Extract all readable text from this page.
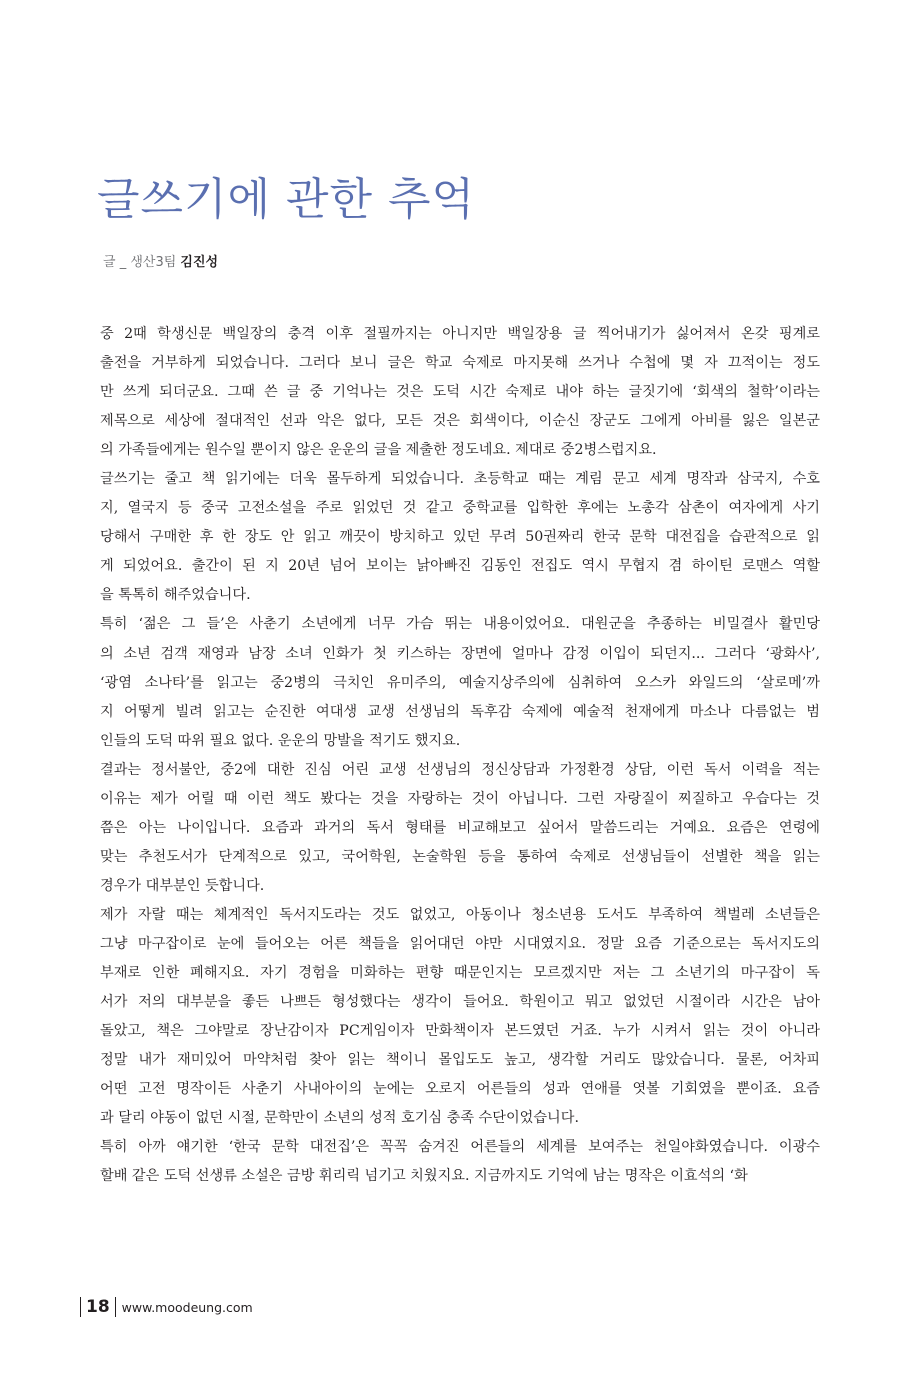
글쓰기에 관한 추억
글 _ 생산3팀 김진성
중 2때 학생신문 백일장의 충격 이후 절필까지는 아니지만 백일장용 글 찍어내기가 싫어져서 온갖 핑계로
출전을 거부하게 되었습니다. 그러다 보니 글은 학교 숙제로 마지못해 쓰거나 수첩에 몇 자 끄적이는 정도
만 쓰게 되더군요. 그때 쓴 글 중 기억나는 것은 도덕 시간 숙제로 내야 하는 글짓기에 ‘회색의 철학’이라는
제목으로 세상에 절대적인 선과 악은 없다, 모든 것은 회색이다, 이순신 장군도 그에게 아비를 잃은 일본군
의 가족들에게는 원수일 뿐이지 않은 운운의 글을 제출한 정도네요. 제대로 중2병스럽지요.
글쓰기는 줄고 책 읽기에는 더욱 몰두하게 되었습니다. 초등학교 때는 계림 문고 세계 명작과 삼국지, 수호
지, 열국지 등 중국 고전소설을 주로 읽었던 것 같고 중학교를 입학한 후에는 노총각 삼촌이 여자에게 사기
당해서 구매한 후 한 장도 안 읽고 깨끗이 방치하고 있던 무려 50권짜리 한국 문학 대전집을 습관적으로 읽
게 되었어요. 출간이 된 지 20년 넘어 보이는 낡아빠진 김동인 전집도 역시 무협지 겸 하이틴 로맨스 역할
을 톡톡히 해주었습니다.
특히 ‘젊은 그 들’은 사춘기 소년에게 너무 가슴 뛰는 내용이었어요. 대원군을 추종하는 비밀결사 활민당
의 소년 검객 재영과 남장 소녀 인화가 첫 키스하는 장면에 얼마나 감정 이입이 되던지... 그러다 ‘광화사’,
‘광염 소나타’를 읽고는 중2병의 극치인 유미주의, 예술지상주의에 심취하여 오스카 와일드의 ‘살로메’까
지 어떻게 빌려 읽고는 순진한 여대생 교생 선생님의 독후감 숙제에 예술적 천재에게 마소나 다름없는 범
인들의 도덕 따위 필요 없다. 운운의 망발을 적기도 했지요.
결과는 정서불안, 중2에 대한 진심 어린 교생 선생님의 정신상담과 가정환경 상담, 이런 독서 이력을 적는
이유는 제가 어릴 때 이런 책도 봤다는 것을 자랑하는 것이 아닙니다. 그런 자랑질이 찌질하고 우습다는 것
쯤은 아는 나이입니다. 요즘과 과거의 독서 형태를 비교해보고 싶어서 말씀드리는 거예요. 요즘은 연령에
맞는 추천도서가 단계적으로 있고, 국어학원, 논술학원 등을 통하여 숙제로 선생님들이 선별한 책을 읽는
경우가 대부분인 듯합니다.
제가 자랄 때는 체계적인 독서지도라는 것도 없었고, 아동이나 청소년용 도서도 부족하여 책벌레 소년들은
그냥 마구잡이로 눈에 들어오는 어른 책들을 읽어대던 야만 시대였지요. 정말 요즘 기준으로는 독서지도의
부재로 인한 폐해지요. 자기 경험을 미화하는 편향 때문인지는 모르겠지만 저는 그 소년기의 마구잡이 독
서가 저의 대부분을 좋든 나쁘든 형성했다는 생각이 들어요. 학원이고 뭐고 없었던 시절이라 시간은 남아
돌았고, 책은 그야말로 장난감이자 PC게임이자 만화책이자 본드였던 거죠. 누가 시켜서 읽는 것이 아니라
정말 내가 재미있어 마약처럼 찾아 읽는 책이니 몰입도도 높고, 생각할 거리도 많았습니다. 물론, 어차피
어떤 고전 명작이든 사춘기 사내아이의 눈에는 오로지 어른들의 성과 연애를 엿볼 기회였을 뿐이죠. 요즘
과 달리 야동이 없던 시절, 문학만이 소년의 성적 호기심 충족 수단이었습니다.
특히 아까 얘기한 ‘한국 문학 대전집’은 꼭꼭 숨겨진 어른들의 세계를 보여주는 천일야화였습니다. 이광수
할배 같은 도덕 선생류 소설은 금방 휘리릭 넘기고 치웠지요. 지금까지도 기억에 남는 명작은 이효석의 ‘화
18 www.moodeung.com
